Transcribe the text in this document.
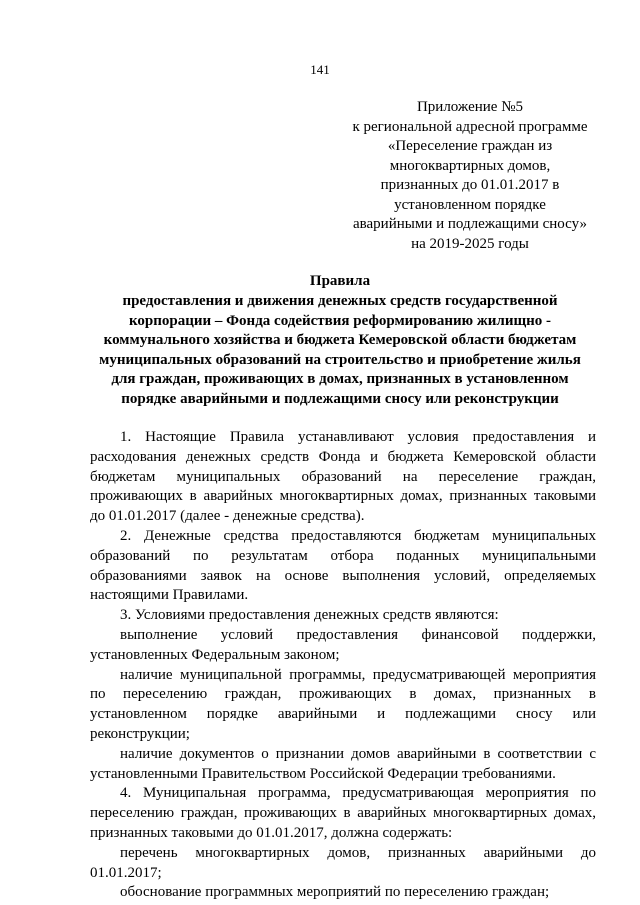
141
Приложение №5
к региональной адресной программе
«Переселение граждан из
многоквартирных домов,
признанных до 01.01.2017 в
установленном порядке
аварийными и подлежащими сносу»
на 2019-2025 годы
Правила
предоставления и движения денежных средств государственной
корпорации – Фонда содействия реформированию жилищно -
коммунального хозяйства и бюджета Кемеровской области бюджетам
муниципальных образований на строительство и приобретение жилья
для граждан, проживающих в домах, признанных в установленном
порядке аварийными и подлежащими сносу или реконструкции
1. Настоящие Правила устанавливают условия предоставления и
расходования денежных средств Фонда и бюджета Кемеровской области
бюджетам муниципальных образований на переселение граждан,
проживающих в аварийных многоквартирных домах, признанных таковыми
до 01.01.2017 (далее - денежные средства).
2. Денежные средства предоставляются бюджетам муниципальных
образований по результатам отбора поданных муниципальными
образованиями заявок на основе выполнения условий, определяемых
настоящими Правилами.
3. Условиями предоставления денежных средств являются:
выполнение условий предоставления финансовой поддержки,
установленных Федеральным законом;
наличие муниципальной программы, предусматривающей мероприятия
по переселению граждан, проживающих в домах, признанных в
установленном порядке аварийными и подлежащими сносу или
реконструкции;
наличие документов о признании домов аварийными в соответствии с
установленными Правительством Российской Федерации требованиями.
4. Муниципальная программа, предусматривающая мероприятия по
переселению граждан, проживающих в аварийных многоквартирных домах,
признанных таковыми до 01.01.2017, должна содержать:
перечень многоквартирных домов, признанных аварийными до
01.01.2017;
обоснование программных мероприятий по переселению граждан;
